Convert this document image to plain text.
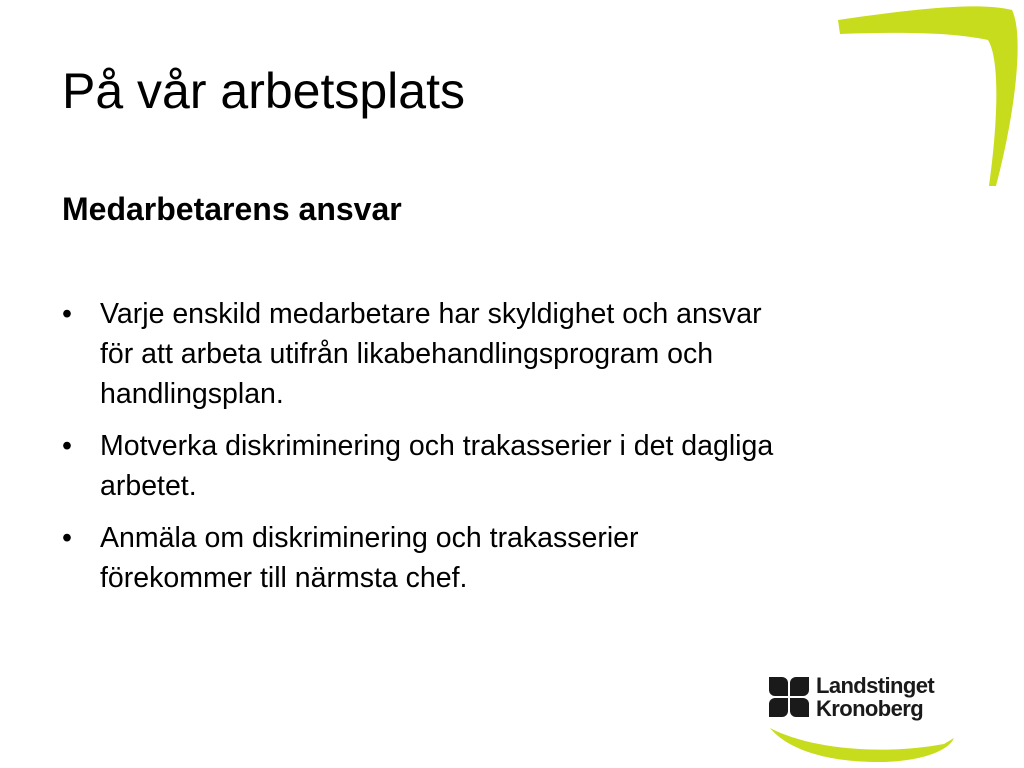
På vår arbetsplats
Medarbetarens ansvar
• Varje enskild medarbetare har skyldighet och ansvar
för att arbeta utifrån likabehandlingsprogram och
handlingsplan.
• Motverka diskriminering och trakasserier i det dagliga
arbetet.
• Anmäla om diskriminering och trakasserier
förekommer till närmsta chef.
Landstinget
Kronoberg
